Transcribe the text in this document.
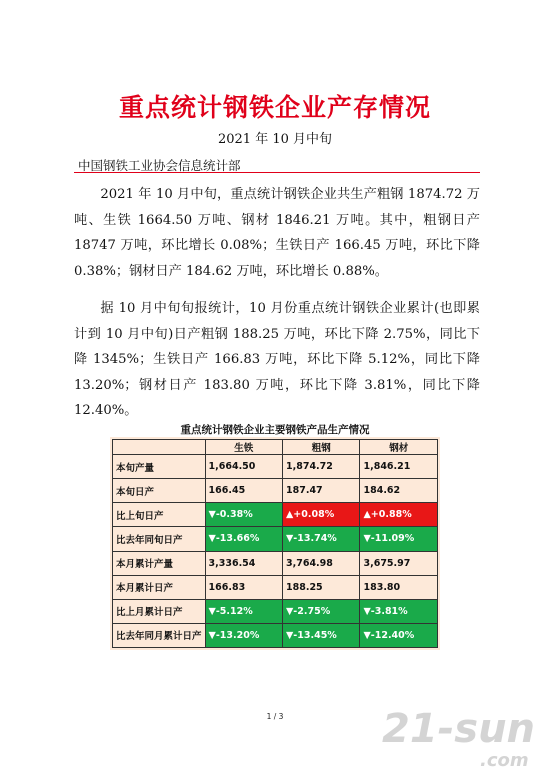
重点统计钢铁企业产存情况
2021 年 10 月中旬
中国钢铁工业协会信息统计部

2021 年 10 月中旬，重点统计钢铁企业共生产粗钢 1874.72 万吨、生铁 1664.50 万吨、钢材 1846.21 万吨。其中，粗钢日产 18747 万吨，环比增长 0.08%；生铁日产 166.45 万吨，环比下降 0.38%；钢材日产 184.62 万吨，环比增长 0.88%。

据 10 月中旬旬报统计，10 月份重点统计钢铁企业累计(也即累计到 10 月中旬)日产粗钢 188.25 万吨，环比下降 2.75%，同比下降 1345%；生铁日产 166.83 万吨，环比下降 5.12%，同比下降 13.20%；钢材日产 183.80 万吨，环比下降 3.81%，同比下降 12.40%。

重点统计钢铁企业主要钢铁产品生产情况
	生铁	粗钢	钢材
本旬产量	1,664.50	1,874.72	1,846.21
本旬日产	166.45	187.47	184.62
比上旬日产	▼-0.38%	▲+0.08%	▲+0.88%
比去年同旬日产	▼-13.66%	▼-13.74%	▼-11.09%
本月累计产量	3,336.54	3,764.98	3,675.97
本月累计日产	166.83	188.25	183.80
比上月累计日产	▼-5.12%	▼-2.75%	▼-3.81%
比去年同月累计日产	▼-13.20%	▼-13.45%	▼-12.40%
1 / 3	21-sun
.com
